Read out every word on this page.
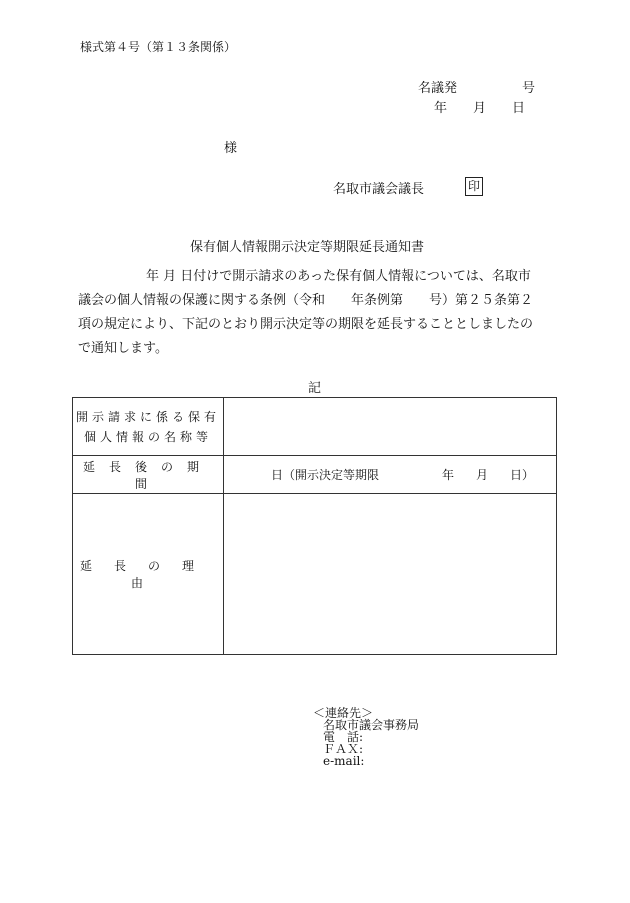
様式第４号（第１３条関係）
名議発　　　　　号
年　　月　　日
様
名取市議会議長	印
保有個人情報開示決定等期限延長通知書
年 月 日付けで開示請求のあった保有個人情報については、名取市
議会の個人情報の保護に関する条例（令和　　年条例第　　号）第２５条第２
項の規定により、下記のとおり開示決定等の期限を延長することとしましたの
で通知します。
記
開示請求に係る保有
個人情報の名称等	

延長後の期間	日（開示決定等期限 年 月 日）
延長の理由	
＜連絡先＞
名取市議会事務局
電　話:
ＦＡＸ:
e-mail:
